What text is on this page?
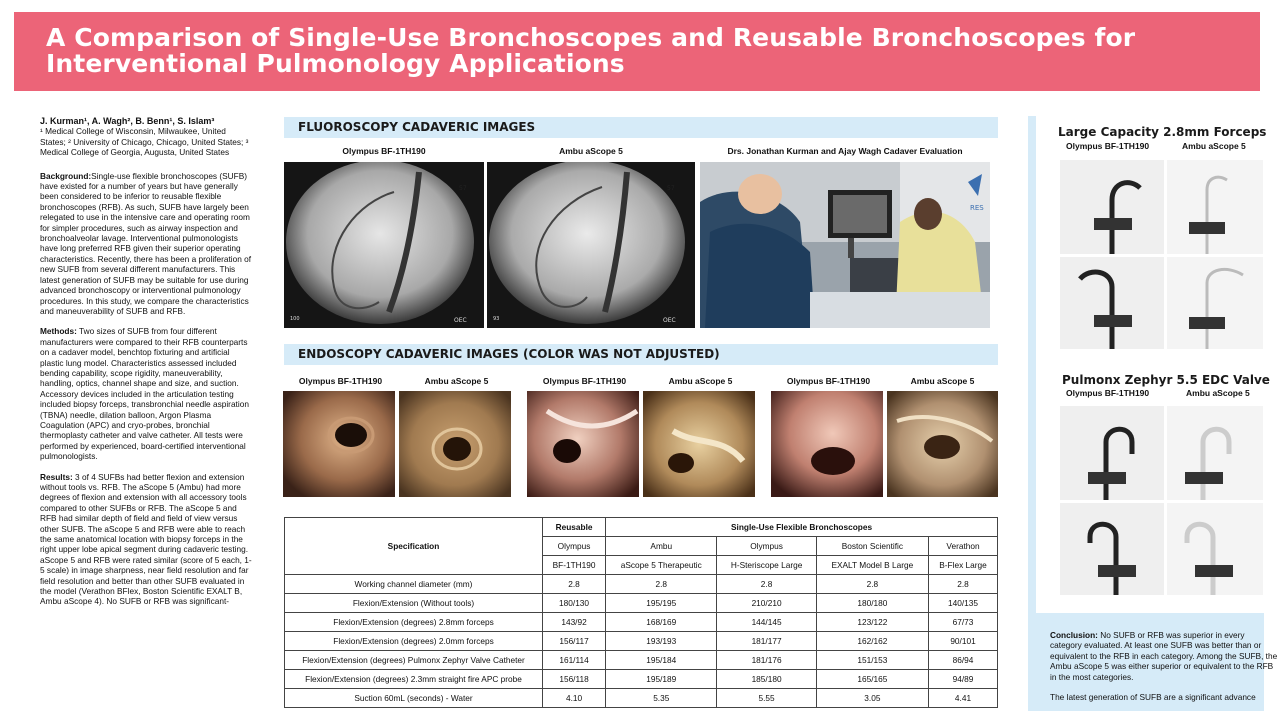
A Comparison of Single-Use Bronchoscopes and Reusable Bronchoscopes for Interventional Pulmonology Applications
J. Kurman¹, A. Wagh², B. Benn¹, S. Islam³
¹ Medical College of Wisconsin, Milwaukee, United States; ² University of Chicago, Chicago, United States; ³ Medical College of Georgia, Augusta, United States

Background:Single-use flexible bronchoscopes (SUFB) have existed for a number of years but have generally been considered to be inferior to reusable flexible bronchoscopes (RFB). As such, SUFB have largely been relegated to use in the intensive care and operating room for simpler procedures, such as airway inspection and bronchoalveolar lavage. Interventional pulmonologists have long preferred RFB given their superior operating characteristics. Recently, there has been a proliferation of new SUFB from several different manufacturers. This latest generation of SUFB may be suitable for use during advanced bronchoscopy or interventional pulmonology procedures. In this study, we compare the characteristics and maneuverability of SUFB and RFB.

Methods: Two sizes of SUFB from four different manufacturers were compared to their RFB counterparts on a cadaver model, benchtop fixturing and artificial plastic lung model. Characteristics assessed included bending capability, scope rigidity, maneuverability, handling, optics, channel shape and size, and suction. Accessory devices included in the articulation testing included biopsy forceps, transbronchial needle aspiration (TBNA) needle, dilation balloon, Argon Plasma Coagulation (APC) and cryo-probes, bronchial thermoplasty catheter and valve catheter. All tests were performed by experienced, board-certified interventional pulmonologists.

Results: 3 of 4 SUFBs had better flexion and extension without tools vs. RFB. The aScope 5 (Ambu) had more degrees of flexion and extension with all accessory tools compared to other SUFBs or RFB. The aScope 5 and RFB had similar depth of field and field of view versus other SUFB. The aScope 5 and RFB were able to reach the same anatomical location with biopsy forceps in the right upper lobe apical segment during cadaveric testing. aScope 5 and RFB were rated similar (score of 5 each, 1-5 scale) in image sharpness, near field resolution and far field resolution and better than other SUFB evaluated in the model (Verathon BFlex, Boston Scientific EXALT B, Ambu aScope 4). No SUFB or RFB was significant-

FLUOROSCOPY CADAVERIC IMAGES
Olympus BF-1TH190	Ambu aScope 5	Drs. Jonathan Kurman and Ajay Wagh Cadaver Evaluation
57
OEC
100
57
OEC
93
RES
ENDOSCOPY CADAVERIC IMAGES (COLOR WAS NOT ADJUSTED)
Olympus BF-1TH190	Ambu aScope 5	Olympus BF-1TH190	Ambu aScope 5	Olympus BF-1TH190	Ambu aScope 5
Specification	Reusable	Single-Use Flexible Bronchoscopes			
	Olympus	Ambu	Olympus	Boston Scientific	Verathon
	BF-1TH190	aScope 5 Therapeutic	H-Steriscope Large	EXALT Model B Large	B-Flex Large
Working channel diameter (mm)	2.8	2.8	2.8	2.8	2.8
Flexion/Extension (Without tools)	180/130	195/195	210/210	180/180	140/135
Flexion/Extension (degrees) 2.8mm forceps	143/92	168/169	144/145	123/122	67/73
Flexion/Extension (degrees) 2.0mm forceps	156/117	193/193	181/177	162/162	90/101
Flexion/Extension (degrees) Pulmonx Zephyr Valve Catheter	161/114	195/184	181/176	151/153	86/94
Flexion/Extension (degrees) 2.3mm straight fire APC probe	156/118	195/189	185/180	165/165	94/89
Suction 60mL (seconds) - Water	4.10	5.35	5.55	3.05	4.41
Large Capacity 2.8mm Forceps
Olympus BF-1TH190	Ambu aScope 5
Pulmonx Zephyr 5.5 EDC Valve
Olympus BF-1TH190	Ambu aScope 5

Conclusion: No SUFB or RFB was superior in every category evaluated. At least one SUFB was better than or equivalent to the RFB in each category. Among the SUFB, the Ambu aScope 5 was either superior or equivalent to the RFB in the most categories.

The latest generation of SUFB are a significant advance
